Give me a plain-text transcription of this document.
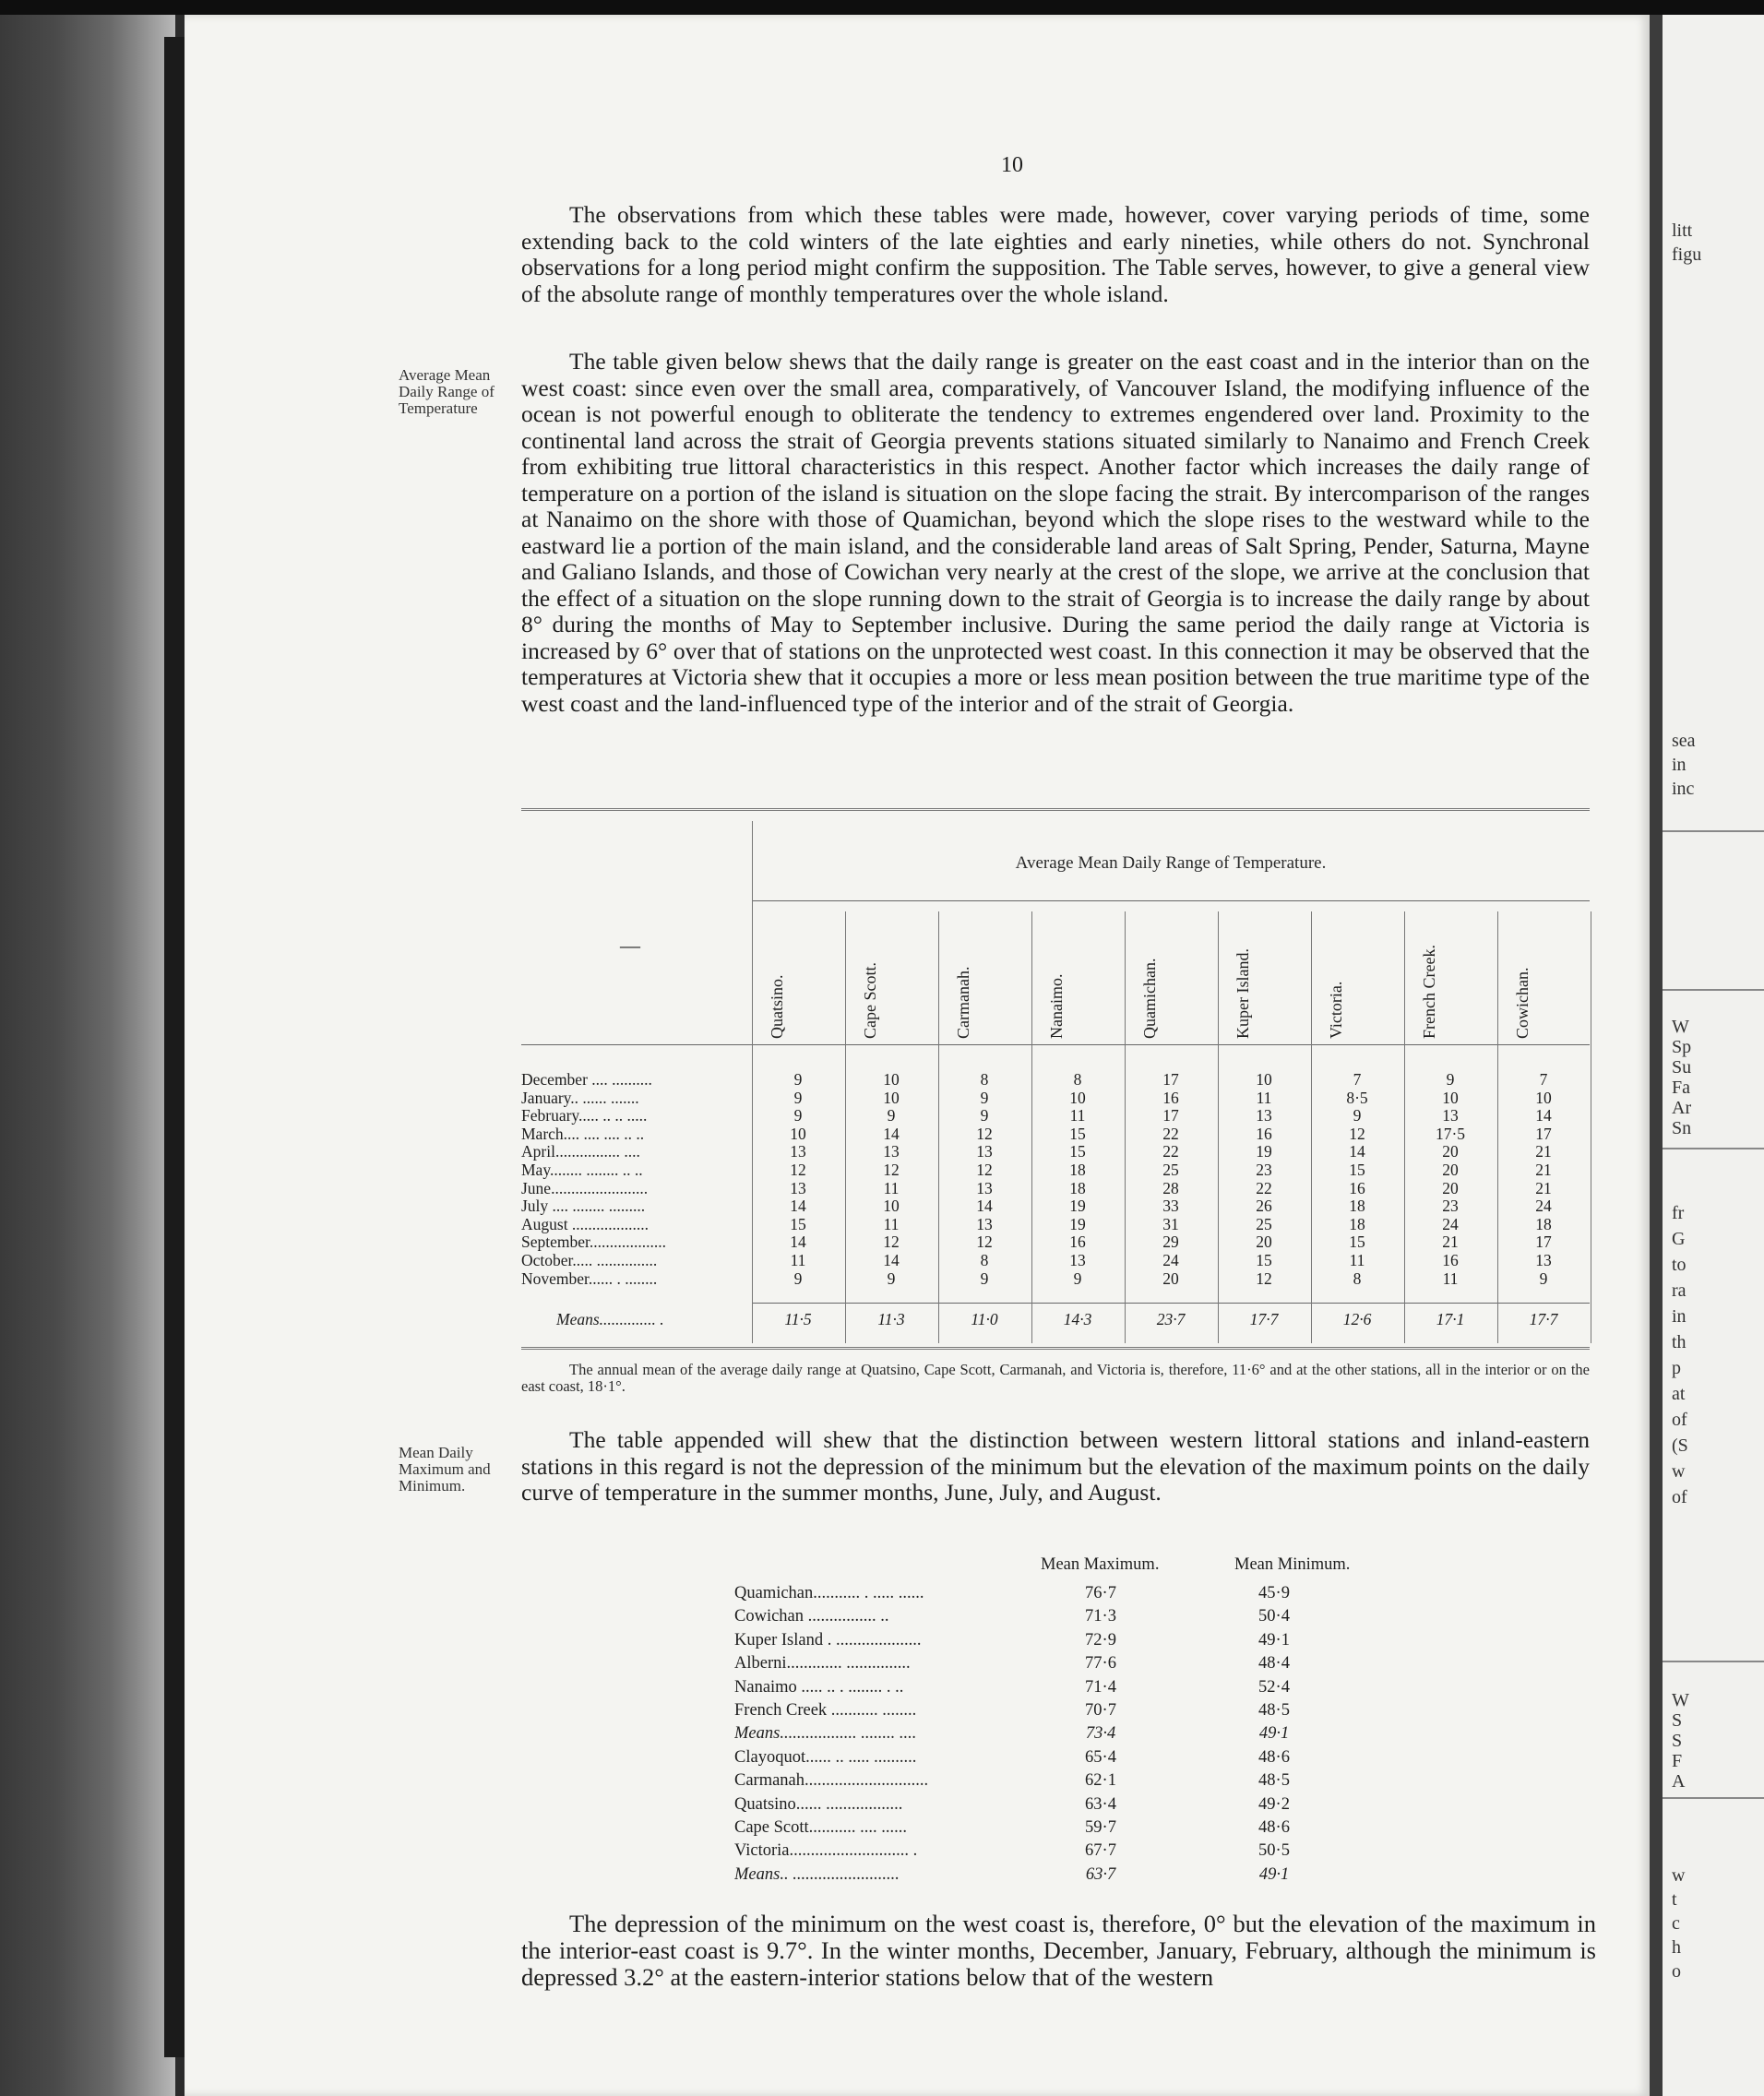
litt
figu
sea
in
inc
W
Sp
Su
Fa
Ar
Sn
fr
G
to
ra
in
th
p
at
of
(S
w
of
W
S
S
F
A
w
t
c
h
o
10
The observations from which these tables were made, however, cover varying periods of time, some extending back to the cold winters of the late eighties and early nineties, while others do not. Synchronal observations for a long period might confirm the supposition. The Table serves, however, to give a general view of the absolute range of monthly temperatures over the whole island.
Average Mean Daily Range of Temperature
The table given below shews that the daily range is greater on the east coast and in the interior than on the west coast: since even over the small area, comparatively, of Vancouver Island, the modifying influence of the ocean is not powerful enough to obliterate the tendency to extremes engendered over land. Proximity to the continental land across the strait of Georgia prevents stations situated similarly to Nanaimo and French Creek from exhibiting true littoral characteristics in this respect. Another factor which increases the daily range of temperature on a portion of the island is situation on the slope facing the strait. By intercomparison of the ranges at Nanaimo on the shore with those of Quamichan, beyond which the slope rises to the westward while to the eastward lie a portion of the main island, and the considerable land areas of Salt Spring, Pender, Saturna, Mayne and Galiano Islands, and those of Cowichan very nearly at the crest of the slope, we arrive at the conclusion that the effect of a situation on the slope running down to the strait of Georgia is to increase the daily range by about 8° during the months of May to September inclusive. During the same period the daily range at Victoria is increased by 6° over that of stations on the unprotected west coast. In this connection it may be observed that the temperatures at Victoria shew that it occupies a more or less mean position between the true maritime type of the west coast and the land-influenced type of the interior and of the strait of Georgia.
Average Mean Daily Range of Temperature.
—
Quatsino.	Cape Scott.	Carmanah.	Nanaimo.	Quamichan.	Kuper Island.	Victoria.	French Creek.	Cowichan.
December .... ..........	9	10	8	8	17	10	7	9	7
January.. ...... .......	9	10	9	10	16	11	8·5	10	10
February..... .. .. .....	9	9	9	11	17	13	9	13	14
March.... .... .... .. ..	10	14	12	15	22	16	12	17·5	17
April................ ....	13	13	13	15	22	19	14	20	21
May........ ........ .. ..	12	12	12	18	25	23	15	20	21
June........................	13	11	13	18	28	22	16	20	21
July .... ........ .........	14	10	14	19	33	26	18	23	24
August ...................	15	11	13	19	31	25	18	24	18
September...................	14	12	12	16	29	20	15	21	17
October..... ...............	11	14	8	13	24	15	11	16	13
November...... . ........	9	9	9	9	20	12	8	11	9
Means.............. .	11·5	11·3	11·0	14·3	23·7	17·7	12·6	17·1	17·7
The annual mean of the average daily range at Quatsino, Cape Scott, Carmanah, and Victoria is, therefore, 11·6° and at the other stations, all in the interior or on the east coast, 18·1°.
Mean Daily Maximum and Minimum.
The table appended will shew that the distinction between western littoral stations and inland-eastern stations in this regard is not the depression of the minimum but the elevation of the maximum points on the daily curve of temperature in the summer months, June, July, and August.
Mean Maximum.	Mean Minimum.
Quamichan........... . ..... ......	76·7	45·9
Cowichan ................ ..	71·3	50·4
Kuper Island . ....................	72·9	49·1
Alberni............. ...............	77·6	48·4
Nanaimo ..... .. . ........ . ..	71·4	52·4
French Creek ........... ........	70·7	48·5
Means.................. ........ ....	73·4	49·1
Clayoquot...... .. ..... ..........	65·4	48·6
Carmanah.............................	62·1	48·5
Quatsino...... ..................	63·4	49·2
Cape Scott........... .... ......	59·7	48·6
Victoria............................ .	67·7	50·5
Means.. .........................	63·7	49·1
The depression of the minimum on the west coast is, therefore, 0° but the elevation of the maximum in the interior-east coast is 9.7°. In the winter months, December, January, February, although the minimum is depressed 3.2° at the eastern-interior stations below that of the western
